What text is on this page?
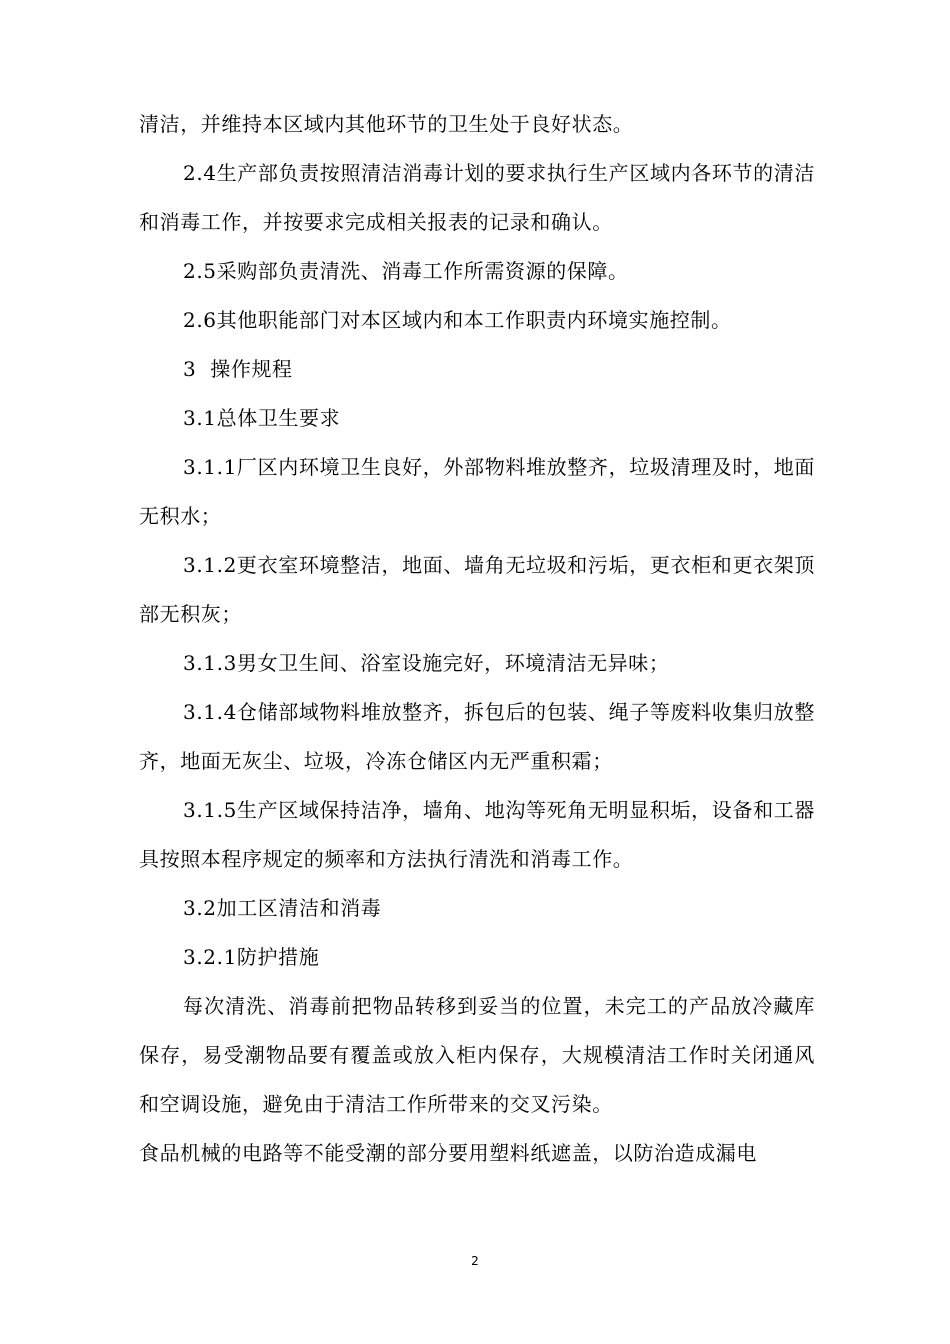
清洁，并维持本区域内其他环节的卫生处于良好状态。

2.4生产部负责按照清洁消毒计划的要求执行生产区域内各环节的清洁和消毒工作，并按要求完成相关报表的记录和确认。

2.5采购部负责清洗、消毒工作所需资源的保障。

2.6其他职能部门对本区域内和本工作职责内环境实施控制。

3  操作规程

3.1总体卫生要求

3.1.1厂区内环境卫生良好，外部物料堆放整齐，垃圾清理及时，地面无积水；

3.1.2更衣室环境整洁，地面、墙角无垃圾和污垢，更衣柜和更衣架顶部无积灰；

3.1.3男女卫生间、浴室设施完好，环境清洁无异味；

3.1.4仓储部域物料堆放整齐，拆包后的包装、绳子等废料收集归放整齐，地面无灰尘、垃圾，冷冻仓储区内无严重积霜；

3.1.5生产区域保持洁净，墙角、地沟等死角无明显积垢，设备和工器具按照本程序规定的频率和方法执行清洗和消毒工作。

3.2加工区清洁和消毒

3.2.1防护措施

每次清洗、消毒前把物品转移到妥当的位置，未完工的产品放冷藏库保存，易受潮物品要有覆盖或放入柜内保存，大规模清洁工作时关闭通风和空调设施，避免由于清洁工作所带来的交叉污染。

食品机械的电路等不能受潮的部分要用塑料纸遮盖，以防治造成漏电

2
